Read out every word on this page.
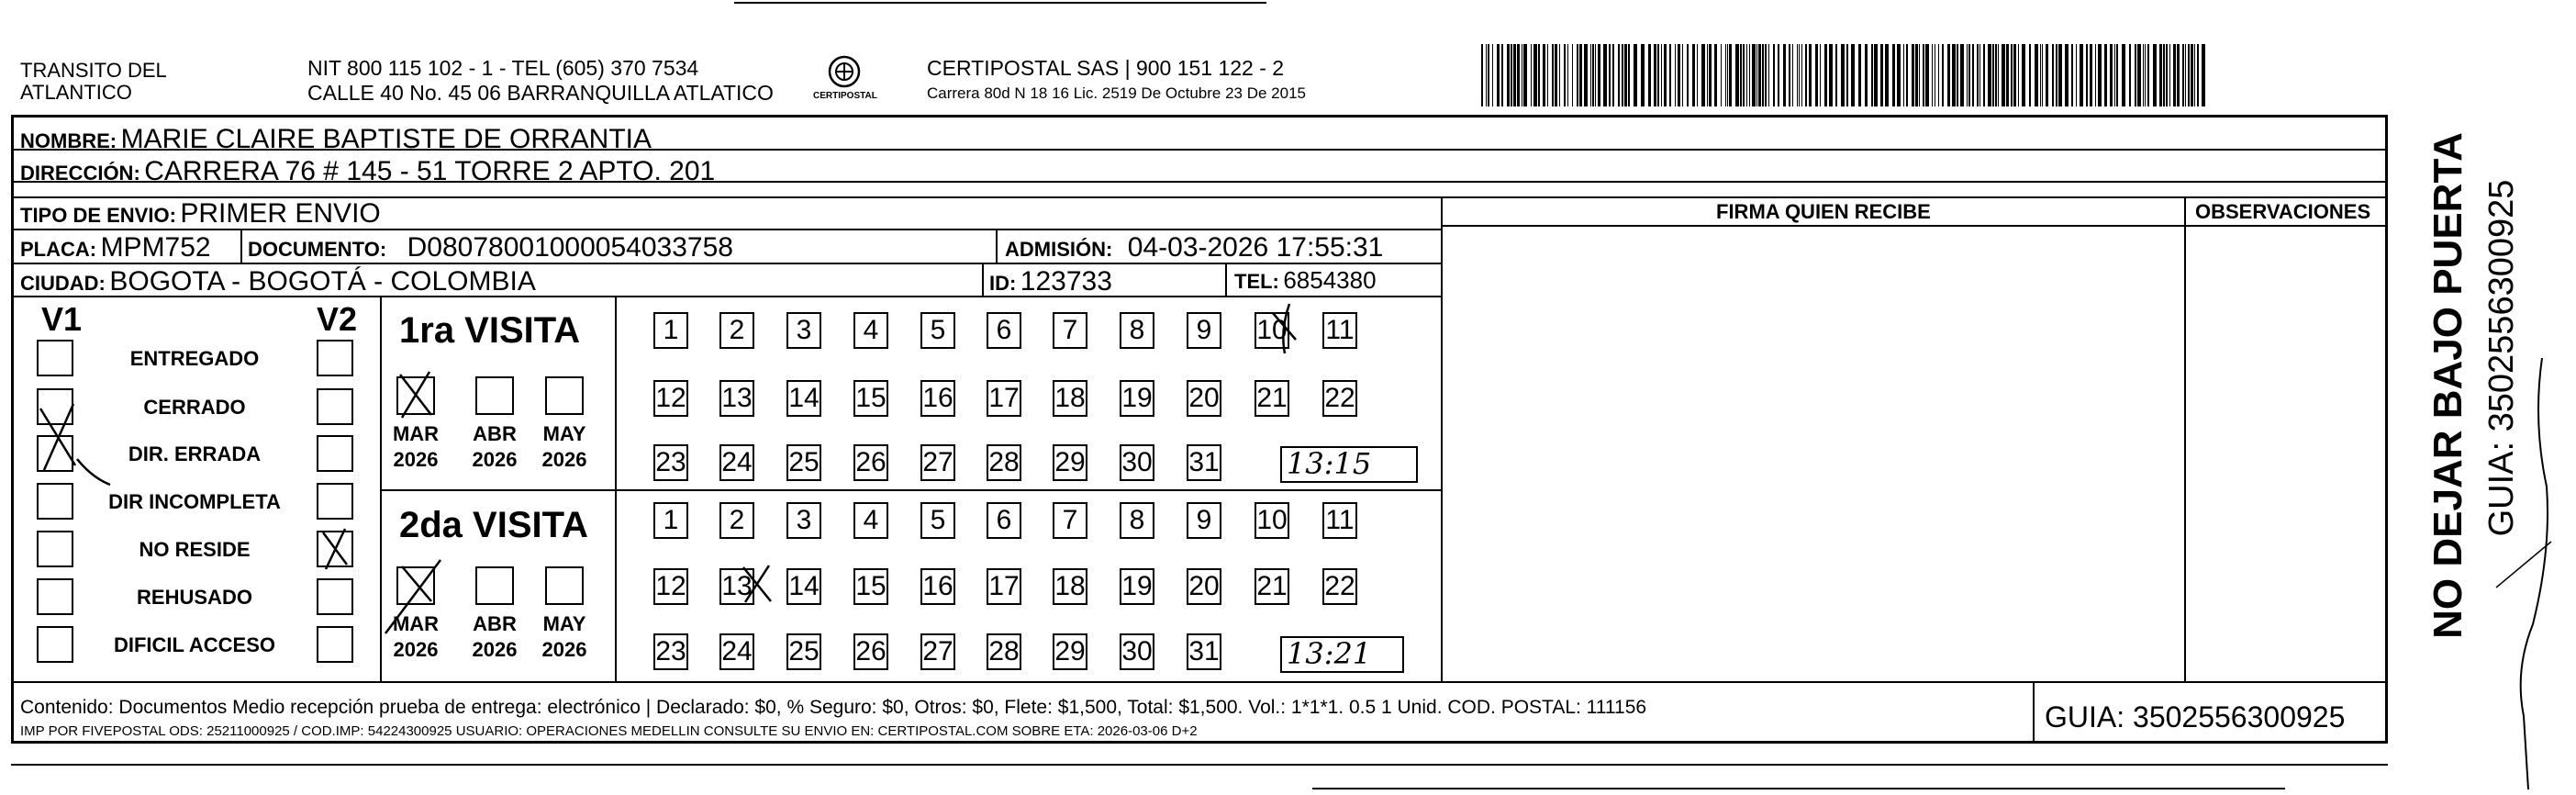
TRANSITO DEL
ATLANTICO
NIT 800 115 102 - 1 - TEL (605) 370 7534
CALLE 40 No. 45 06 BARRANQUILLA ATLATICO	CERTIPOSTAL
CERTIPOSTAL SAS | 900 151 122 - 2
Carrera 80d N 18 16 Lic. 2519 De Octubre 23 De 2015
NOMBRE: MARIE CLAIRE BAPTISTE DE ORRANTIA
DIRECCIÓN: CARRERA 76 # 145 - 51 TORRE 2 APTO. 201
TIPO DE ENVIO: PRIMER ENVIO
PLACA: MPM752 DOCUMENTO: D08078001000054033758	ADMISIÓN: 04-03-2026 17:55:31
CIUDAD: BOGOTA - BOGOTÁ - COLOMBIA	ID: 123733	TEL: 6854380
FIRMA QUIEN RECIBE	OBSERVACIONES
V1	V2
ENTREGADO
CERRADO
DIR. ERRADA
DIR INCOMPLETA
NO RESIDE
REHUSADO
DIFICIL ACCESO
1ra VISITA
2da VISITA
MAR
2026
ABR
2026
MAY
2026
MAR
2026
ABR
2026
MAY
2026
1	2	3	4	5	6	7	8	9	10 11
12 13 14 15 16 17 18 19 20 21 22
23 24 25 26 27 28 29 30 31
1	2	3	4	5	6	7	8	9	10 11
12 13 14 15 16 17 18 19 20 21 22
23 24 25 26 27 28 29 30 31
13:15
13:21
Contenido: Documentos Medio recepción prueba de entrega: electrónico | Declarado: $0, % Seguro: $0, Otros: $0, Flete: $1,500, Total: $1,500. Vol.: 1*1*1. 0.5 1 Unid. COD. POSTAL: 111156
IMP POR FIVEPOSTAL ODS: 25211000925 / COD.IMP: 54224300925 USUARIO: OPERACIONES MEDELLIN CONSULTE SU ENVIO EN: CERTIPOSTAL.COM SOBRE ETA: 2026-03-06 D+2	GUIA: 3502556300925
NO DEJAR BAJO PUERTA GUIA: 3502556300925
